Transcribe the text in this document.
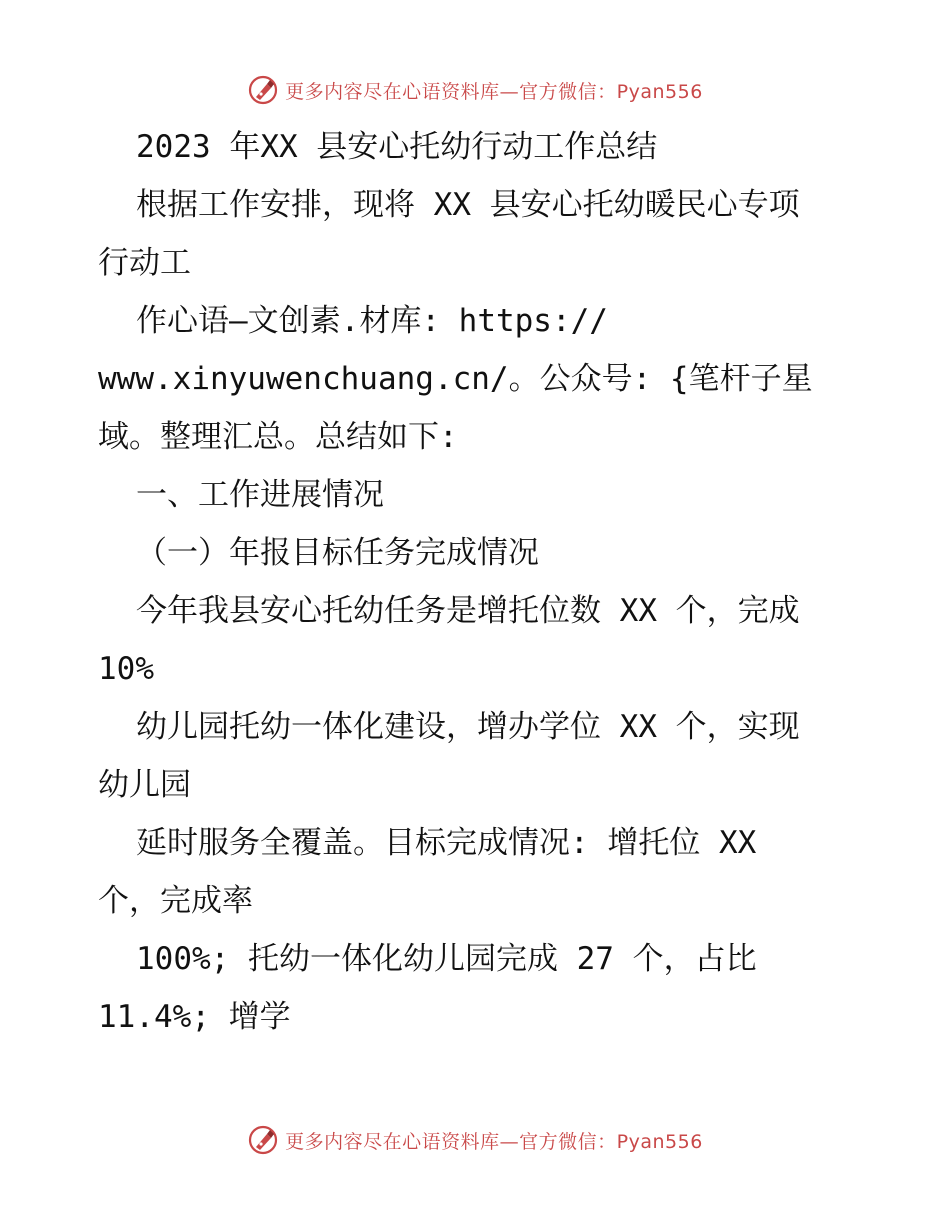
更多内容尽在心语资料库—官方微信：Pyan556
2023 年XX 县安心托幼行动工作总结
根据工作安排，现将 XX 县安心托幼暖民心专项
行动工
作心语—文创素.材库: https://
www.xinyuwenchuang.cn/。公众号: {笔杆子星
域。整理汇总。总结如下:
一、工作进展情况
（一）年报目标任务完成情况
今年我县安心托幼任务是增托位数 XX 个，完成
10%
幼儿园托幼一体化建设，增办学位 XX 个，实现
幼儿园
延时服务全覆盖。目标完成情况: 增托位 XX
个，完成率
100%; 托幼一体化幼儿园完成 27 个，占比
11.4%; 增学
更多内容尽在心语资料库—官方微信：Pyan556
